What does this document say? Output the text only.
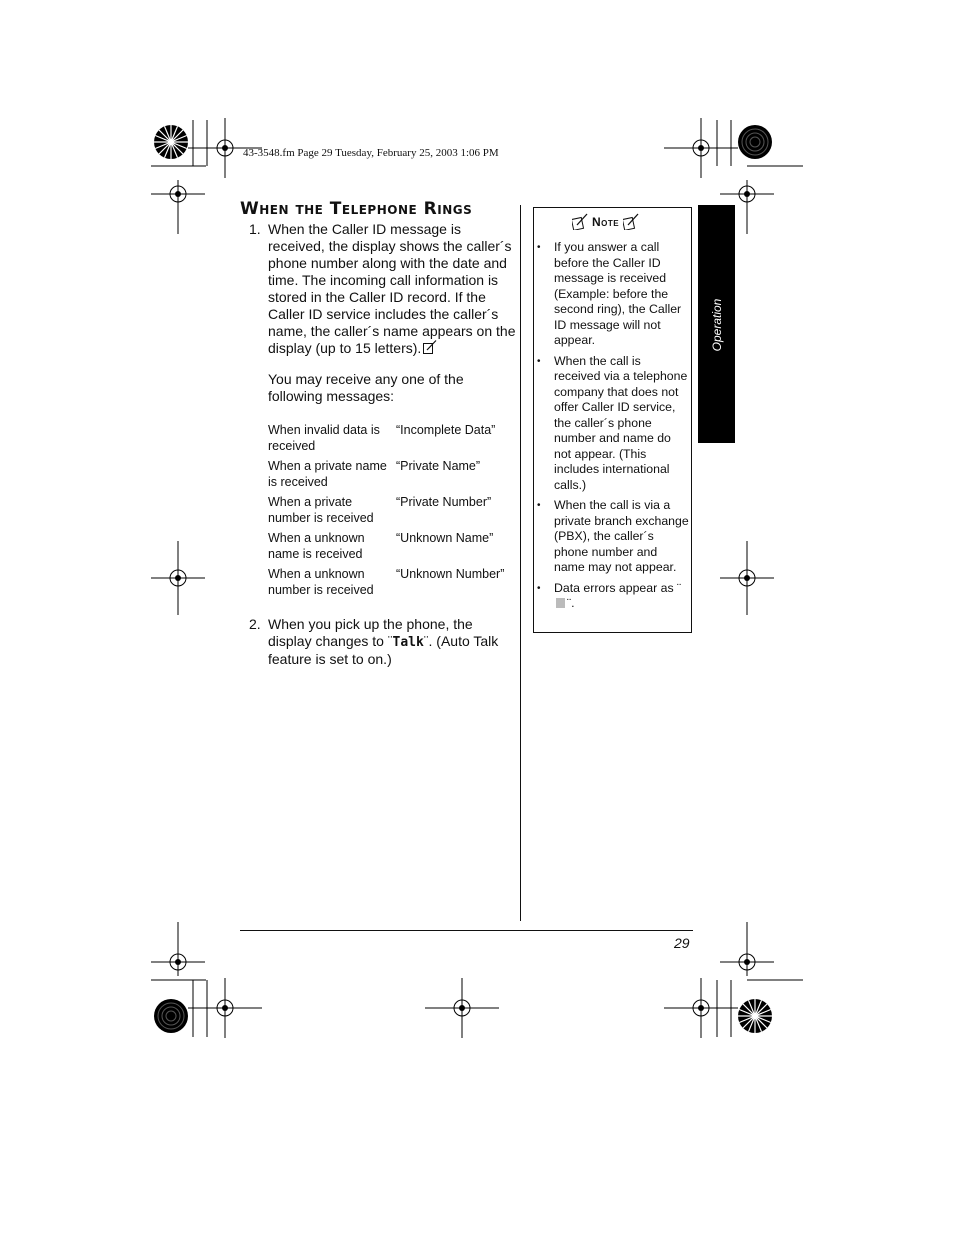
43-3548.fm Page 29 Tuesday, February 25, 2003 1:06 PM
When the Telephone Rings
1. When the Caller ID message is received, the display shows the caller´s phone number along with the date and time. The incoming call information is stored in the Caller ID record. If the Caller ID service includes the caller´s name, the caller´s name appears on the display (up to 15 letters).
You may receive any one of the following messages:
When invalid data is received	“Incomplete Data”
When a private name is received	“Private Name”
When a private number is received	“Private Number”
When a unknown name is received	“Unknown Name”
When a unknown number is received	“Unknown Number”
2. When you pick up the phone, the display changes to ¨Talk¨. (Auto Talk feature is set to on.)
Note
• If you answer a call before the Caller ID message is received (Example: before the second ring), the Caller ID message will not appear.
• When the call is received via a telephone company that does not offer Caller ID service, the caller´s phone number and name do not appear. (This includes international calls.)
• When the call is via a private branch exchange (PBX), the caller´s phone number and name may not appear.
• Data errors appear as ¨¨.
Operation
29
